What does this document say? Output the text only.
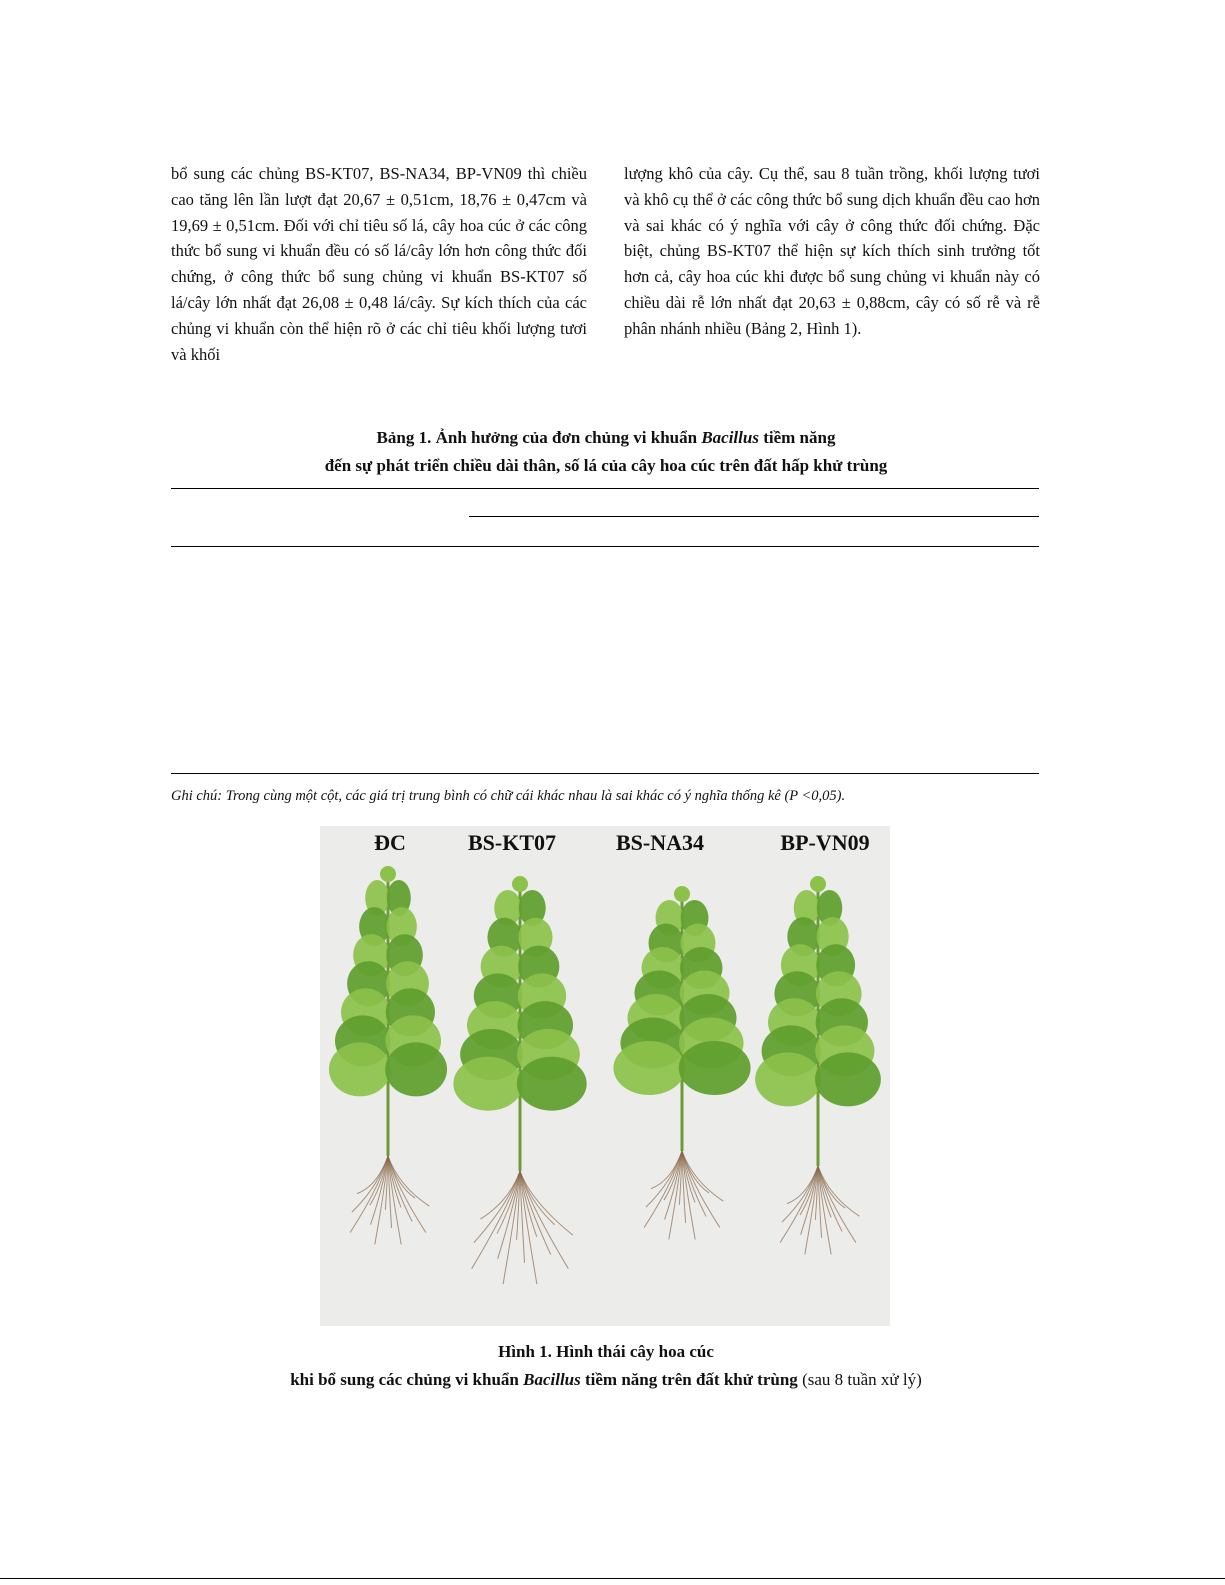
bổ sung các chủng BS-KT07, BS-NA34, BP-VN09 thì chiều cao tăng lên lần lượt đạt 20,67 ± 0,51cm, 18,76 ± 0,47cm và 19,69 ± 0,51cm. Đối với chỉ tiêu số lá, cây hoa cúc ở các công thức bổ sung vi khuẩn đều có số lá/cây lớn hơn công thức đối chứng, ở công thức bổ sung chủng vi khuẩn BS-KT07 số lá/cây lớn nhất đạt 26,08 ± 0,48 lá/cây. Sự kích thích của các chủng vi khuẩn còn thể hiện rõ ở các chỉ tiêu khối lượng tươi và khối

lượng khô của cây. Cụ thể, sau 8 tuần trồng, khối lượng tươi và khô cụ thể ở các công thức bổ sung dịch khuẩn đều cao hơn và sai khác có ý nghĩa với cây ở công thức đối chứng. Đặc biệt, chủng BS-KT07 thể hiện sự kích thích sinh trưởng tốt hơn cả, cây hoa cúc khi được bổ sung chủng vi khuẩn này có chiều dài rễ lớn nhất đạt 20,63 ± 0,88cm, cây có số rễ và rễ phân nhánh nhiều (Bảng 2, Hình 1).

Bảng 1. Ảnh hưởng của đơn chủng vi khuẩn Bacillus tiềm năng
đến sự phát triển chiều dài thân, số lá của cây hoa cúc trên đất hấp khử trùng
Ghi chú: Trong cùng một cột, các giá trị trung bình có chữ cái khác nhau là sai khác có ý nghĩa thống kê (P <0,05).
ĐC	BS-KT07	BS-NA34	BP-VN09
Hình 1. Hình thái cây hoa cúc
khi bổ sung các chủng vi khuẩn Bacillus tiềm năng trên đất khử trùng (sau 8 tuần xử lý)
